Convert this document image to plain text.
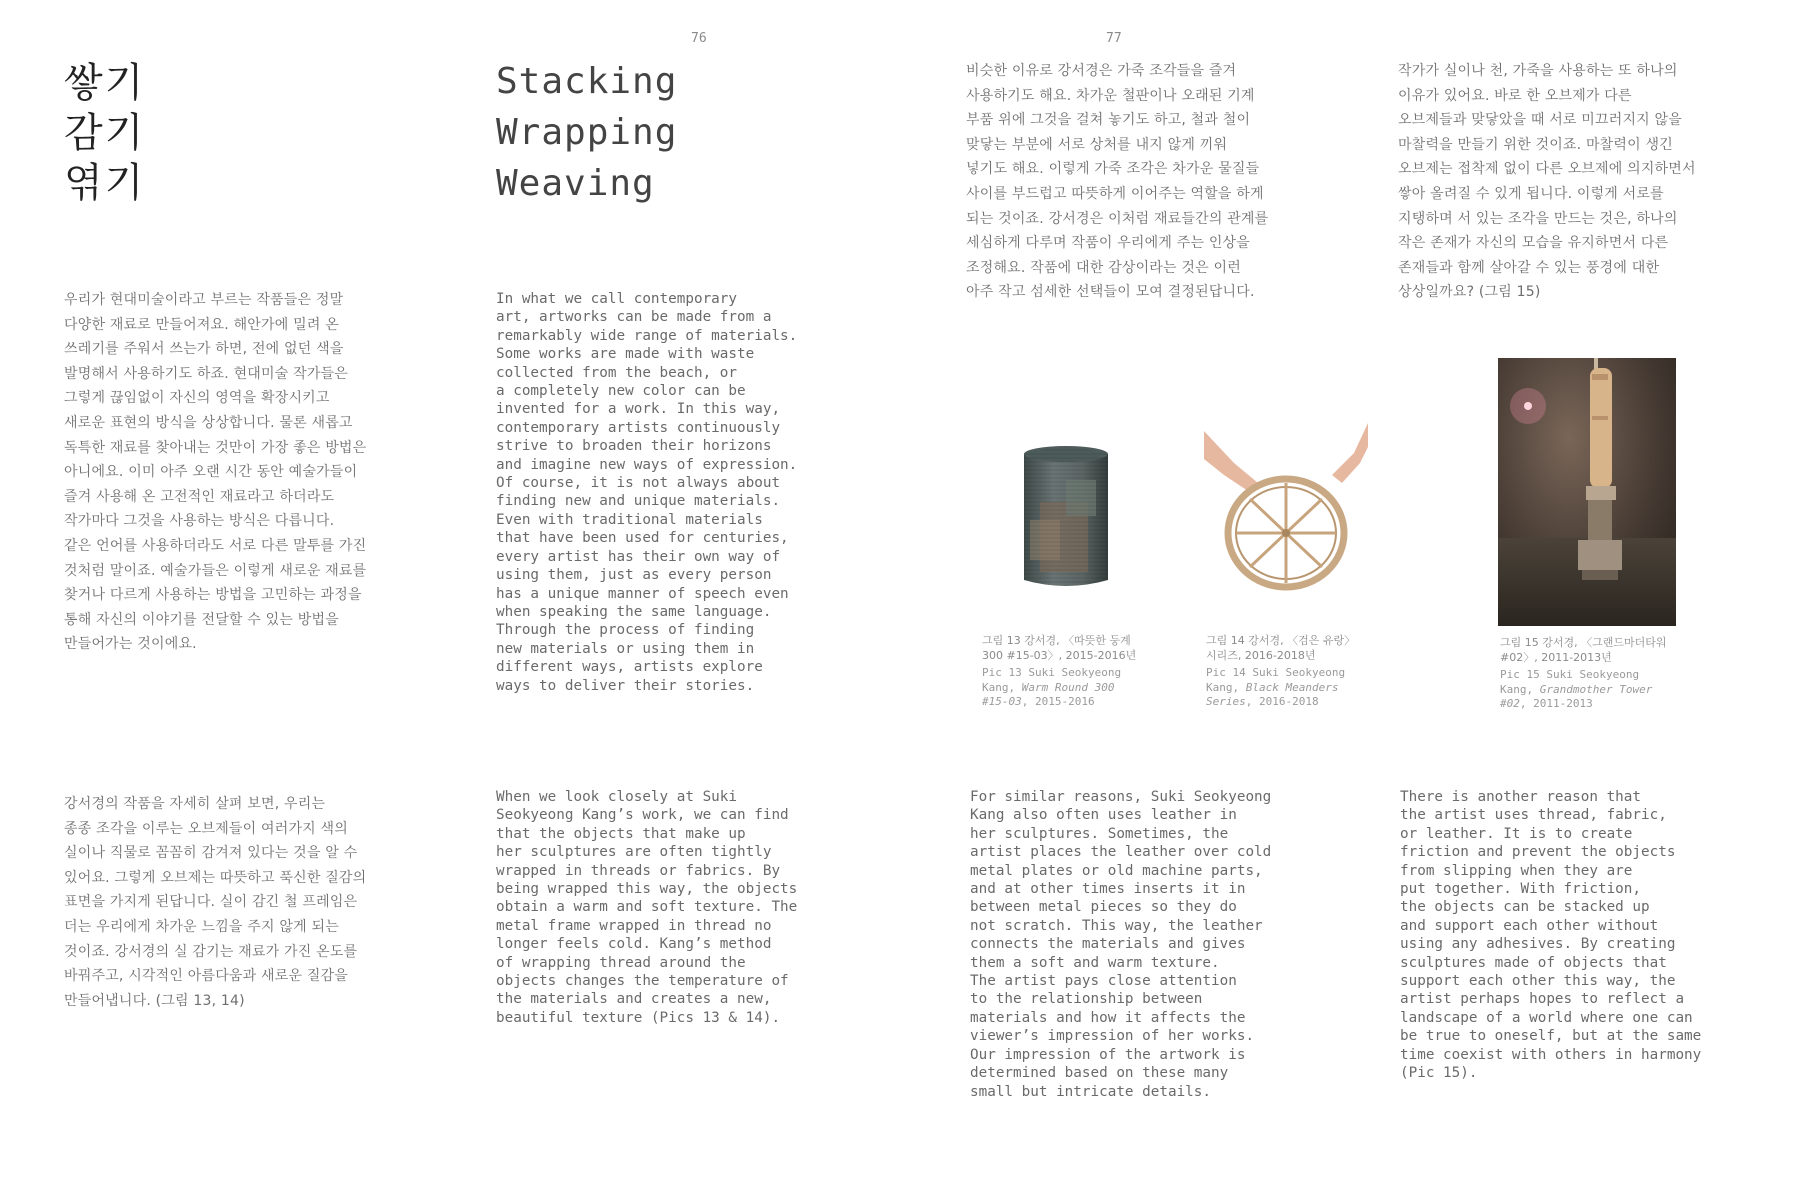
76	77
쌓기
감기
엮기
Stacking
Wrapping
Weaving
우리가 현대미술이라고 부르는 작품들은 정말
다양한 재료로 만들어져요. 해안가에 밀려 온
쓰레기를 주워서 쓰는가 하면, 전에 없던 색을
발명해서 사용하기도 하죠. 현대미술 작가들은
그렇게 끊임없이 자신의 영역을 확장시키고
새로운 표현의 방식을 상상합니다. 물론 새롭고
독특한 재료를 찾아내는 것만이 가장 좋은 방법은
아니에요. 이미 아주 오랜 시간 동안 예술가들이
즐겨 사용해 온 고전적인 재료라고 하더라도
작가마다 그것을 사용하는 방식은 다릅니다.
같은 언어를 사용하더라도 서로 다른 말투를 가진
것처럼 말이죠. 예술가들은 이렇게 새로운 재료를
찾거나 다르게 사용하는 방법을 고민하는 과정을
통해 자신의 이야기를 전달할 수 있는 방법을
만들어가는 것이에요.
In what we call contemporary
art, artworks can be made from a
remarkably wide range of materials.
Some works are made with waste
collected from the beach, or
a completely new color can be
invented for a work. In this way,
contemporary artists continuously
strive to broaden their horizons
and imagine new ways of expression.
Of course, it is not always about
finding new and unique materials.
Even with traditional materials
that have been used for centuries,
every artist has their own way of
using them, just as every person
has a unique manner of speech even
when speaking the same language.
Through the process of finding
new materials or using them in
different ways, artists explore
ways to deliver their stories.
비슷한 이유로 강서경은 가죽 조각들을 즐겨
사용하기도 해요. 차가운 철판이나 오래된 기계
부품 위에 그것을 걸쳐 놓기도 하고, 철과 철이
맞닿는 부분에 서로 상처를 내지 않게 끼워
넣기도 해요. 이렇게 가죽 조각은 차가운 물질들
사이를 부드럽고 따뜻하게 이어주는 역할을 하게
되는 것이죠. 강서경은 이처럼 재료들간의 관계를
세심하게 다루며 작품이 우리에게 주는 인상을
조정해요. 작품에 대한 감상이라는 것은 이런
아주 작고 섬세한 선택들이 모여 결정된답니다.
작가가 실이나 천, 가죽을 사용하는 또 하나의
이유가 있어요. 바로 한 오브제가 다른
오브제들과 맞닿았을 때 서로 미끄러지지 않을
마찰력을 만들기 위한 것이죠. 마찰력이 생긴
오브제는 접착제 없이 다른 오브제에 의지하면서
쌓아 올려질 수 있게 됩니다. 이렇게 서로를
지탱하며 서 있는 조각을 만드는 것은, 하나의
작은 존재가 자신의 모습을 유지하면서 다른
존재들과 함께 살아갈 수 있는 풍경에 대한
상상일까요? (그림 15)
그림 13 강서경, 〈따뜻한 둥계
300 #15-03〉, 2015-2016년
Pic 13 Suki Seokyeong
Kang, Warm Round 300
#15-03, 2015-2016
그림 14 강서경, 〈검은 유랑〉
시리즈, 2016-2018년
Pic 14 Suki Seokyeong
Kang, Black Meanders
Series, 2016-2018
그림 15 강서경, 〈그랜드마더타워
#02〉, 2011-2013년
Pic 15 Suki Seokyeong
Kang, Grandmother Tower
#02, 2011-2013
강서경의 작품을 자세히 살펴 보면, 우리는
종종 조각을 이루는 오브제들이 여러가지 색의
실이나 직물로 꼼꼼히 감겨져 있다는 것을 알 수
있어요. 그렇게 오브제는 따뜻하고 푹신한 질감의
표면을 가지게 된답니다. 실이 감긴 철 프레임은
더는 우리에게 차가운 느낌을 주지 않게 되는
것이죠. 강서경의 실 감기는 재료가 가진 온도를
바꿔주고, 시각적인 아름다움과 새로운 질감을
만들어냅니다. (그림 13, 14)
When we look closely at Suki
Seokyeong Kang’s work, we can find
that the objects that make up
her sculptures are often tightly
wrapped in threads or fabrics. By
being wrapped this way, the objects
obtain a warm and soft texture. The
metal frame wrapped in thread no
longer feels cold. Kang’s method
of wrapping thread around the
objects changes the temperature of
the materials and creates a new,
beautiful texture (Pics 13 & 14).
For similar reasons, Suki Seokyeong
Kang also often uses leather in
her sculptures. Sometimes, the
artist places the leather over cold
metal plates or old machine parts,
and at other times inserts it in
between metal pieces so they do
not scratch. This way, the leather
connects the materials and gives
them a soft and warm texture.
The artist pays close attention
to the relationship between
materials and how it affects the
viewer’s impression of her works.
Our impression of the artwork is
determined based on these many
small but intricate details.
There is another reason that
the artist uses thread, fabric,
or leather. It is to create
friction and prevent the objects
from slipping when they are
put together. With friction,
the objects can be stacked up
and support each other without
using any adhesives. By creating
sculptures made of objects that
support each other this way, the
artist perhaps hopes to reflect a
landscape of a world where one can
be true to oneself, but at the same
time coexist with others in harmony
(Pic 15).
